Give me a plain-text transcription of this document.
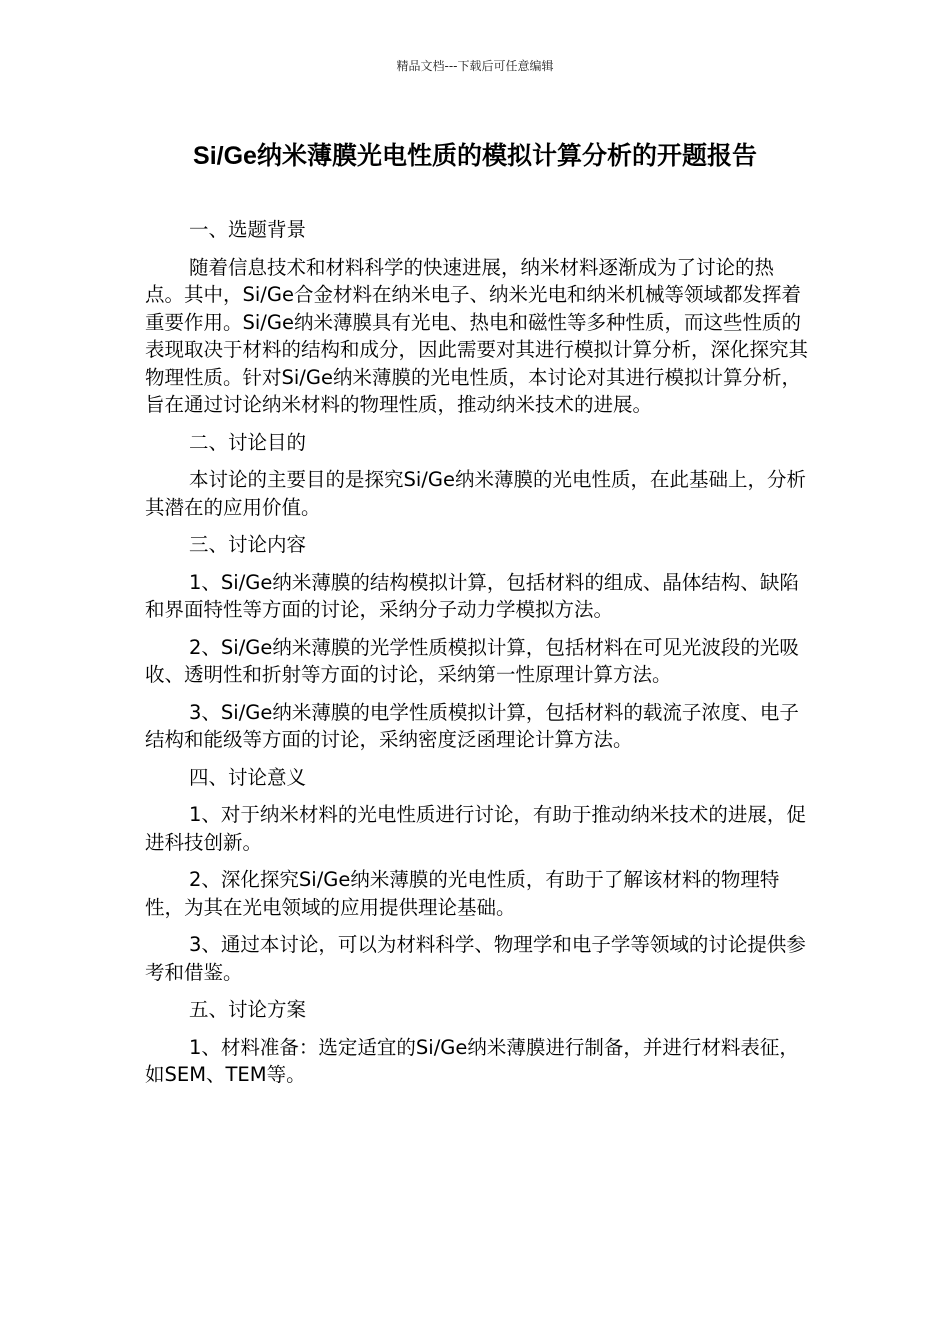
精品文档---下载后可任意编辑
Si/Ge纳米薄膜光电性质的模拟计算分析的开题报告

一、选题背景

随着信息技术和材料科学的快速进展，纳米材料逐渐成为了讨论的热点。其中，Si/Ge合金材料在纳米电子、纳米光电和纳米机械等领域都发挥着重要作用。Si/Ge纳米薄膜具有光电、热电和磁性等多种性质，而这些性质的表现取决于材料的结构和成分，因此需要对其进行模拟计算分析，深化探究其物理性质。针对Si/Ge纳米薄膜的光电性质，本讨论对其进行模拟计算分析，旨在通过讨论纳米材料的物理性质，推动纳米技术的进展。

二、讨论目的

本讨论的主要目的是探究Si/Ge纳米薄膜的光电性质，在此基础上，分析其潜在的应用价值。

三、讨论内容

1、Si/Ge纳米薄膜的结构模拟计算，包括材料的组成、晶体结构、缺陷和界面特性等方面的讨论，采纳分子动力学模拟方法。

2、Si/Ge纳米薄膜的光学性质模拟计算，包括材料在可见光波段的光吸收、透明性和折射等方面的讨论，采纳第一性原理计算方法。

3、Si/Ge纳米薄膜的电学性质模拟计算，包括材料的载流子浓度、电子结构和能级等方面的讨论，采纳密度泛函理论计算方法。

四、讨论意义

1、对于纳米材料的光电性质进行讨论，有助于推动纳米技术的进展，促进科技创新。

2、深化探究Si/Ge纳米薄膜的光电性质，有助于了解该材料的物理特性，为其在光电领域的应用提供理论基础。

3、通过本讨论，可以为材料科学、物理学和电子学等领域的讨论提供参考和借鉴。

五、讨论方案

1、材料准备：选定适宜的Si/Ge纳米薄膜进行制备，并进行材料表征，如SEM、TEM等。
